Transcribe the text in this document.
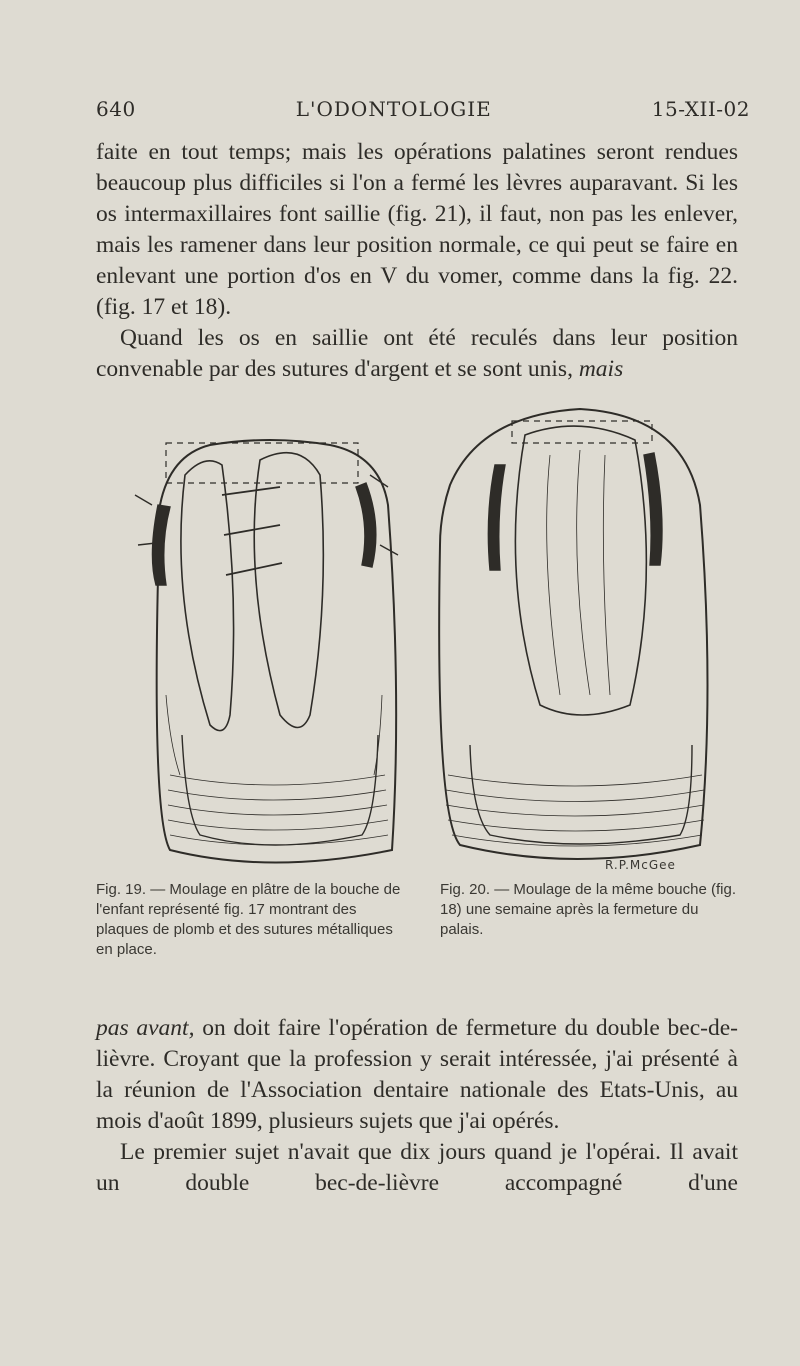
640	L'ODONTOLOGIE	15-XII-02

faite en tout temps; mais les opérations palatines seront rendues beaucoup plus difficiles si l'on a fermé les lèvres auparavant. Si les os intermaxillaires font saillie (fig. 21), il faut, non pas les enlever, mais les ramener dans leur position normale, ce qui peut se faire en enlevant une portion d'os en V du vomer, comme dans la fig. 22. (fig. 17 et 18).

Quand les os en saillie ont été reculés dans leur position convenable par des sutures d'argent et se sont unis, mais

R.P.McGee
Fig. 19. — Moulage en plâtre de la bouche de l'enfant représenté fig. 17 montrant des plaques de plomb et des sutures métalliques en place.
Fig. 20. — Moulage de la même bouche (fig. 18) une semaine après la fermeture du palais.

pas avant, on doit faire l'opération de fermeture du double bec-de-lièvre. Croyant que la profession y serait intéressée, j'ai présenté à la réunion de l'Association dentaire nationale des Etats-Unis, au mois d'août 1899, plusieurs sujets que j'ai opérés.

Le premier sujet n'avait que dix jours quand je l'opérai. Il avait un double bec-de-lièvre accompagné d'une
